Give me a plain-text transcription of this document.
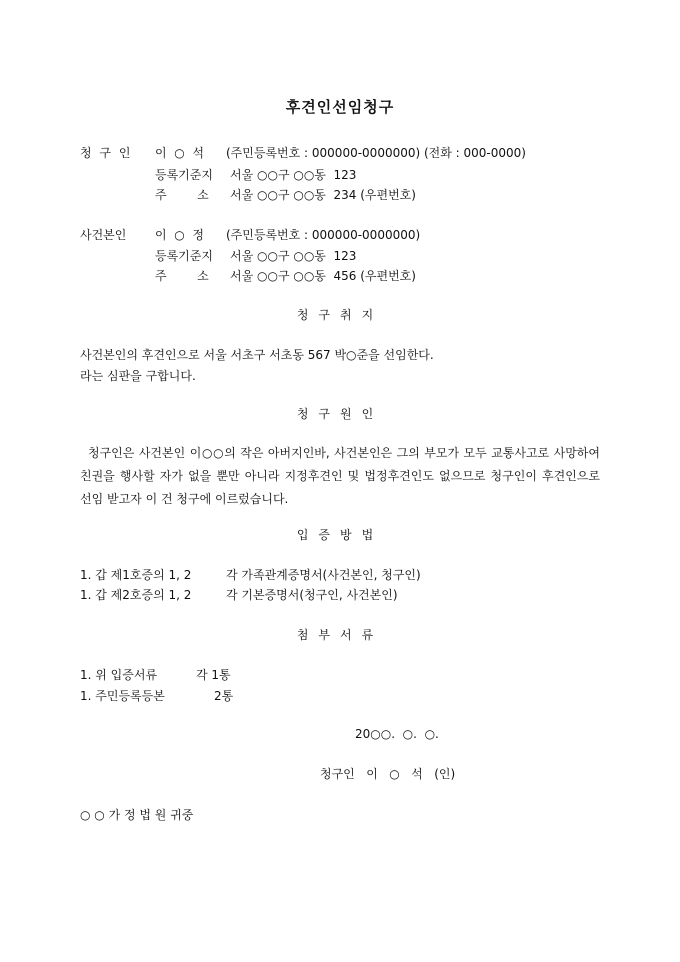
후견인선임청구
청 구 인 이  ○  석 (주민등록번호 : 000000-0000000) (전화 : 000-0000)
등록기준지 서울 ○○구 ○○동  123
주        소 서울 ○○구 ○○동  234 (우편번호)
사건본인 이  ○  정 (주민등록번호 : 000000-0000000)
등록기준지 서울 ○○구 ○○동  123
주        소 서울 ○○구 ○○동  456 (우편번호)
청구취지
사건본인의 후견인으로 서울 서초구 서초동 567 박○준을 선임한다.
라는 심판을 구합니다.
청구원인
청구인은 사건본인 이○○의 작은 아버지인바, 사건본인은 그의 부모가 모두 교통사고로 사망하여 친권을 행사할 자가 없을 뿐만 아니라 지정후견인 및 법정후견인도 없으므로 청구인이 후견인으로 선임 받고자 이 건 청구에 이르렀습니다.
입증방법
1. 갑 제1호증의 1, 2	각 가족관계증명서(사건본인, 청구인)
1. 갑 제2호증의 1, 2	각 기본증명서(청구인, 사건본인)
첨부서류
1. 위 입증서류	각 1통
1. 주민등록등본	2통
20○○.  ○.  ○.
청구인   이   ○   석   (인)
○ ○ 가 정 법 원 귀중
